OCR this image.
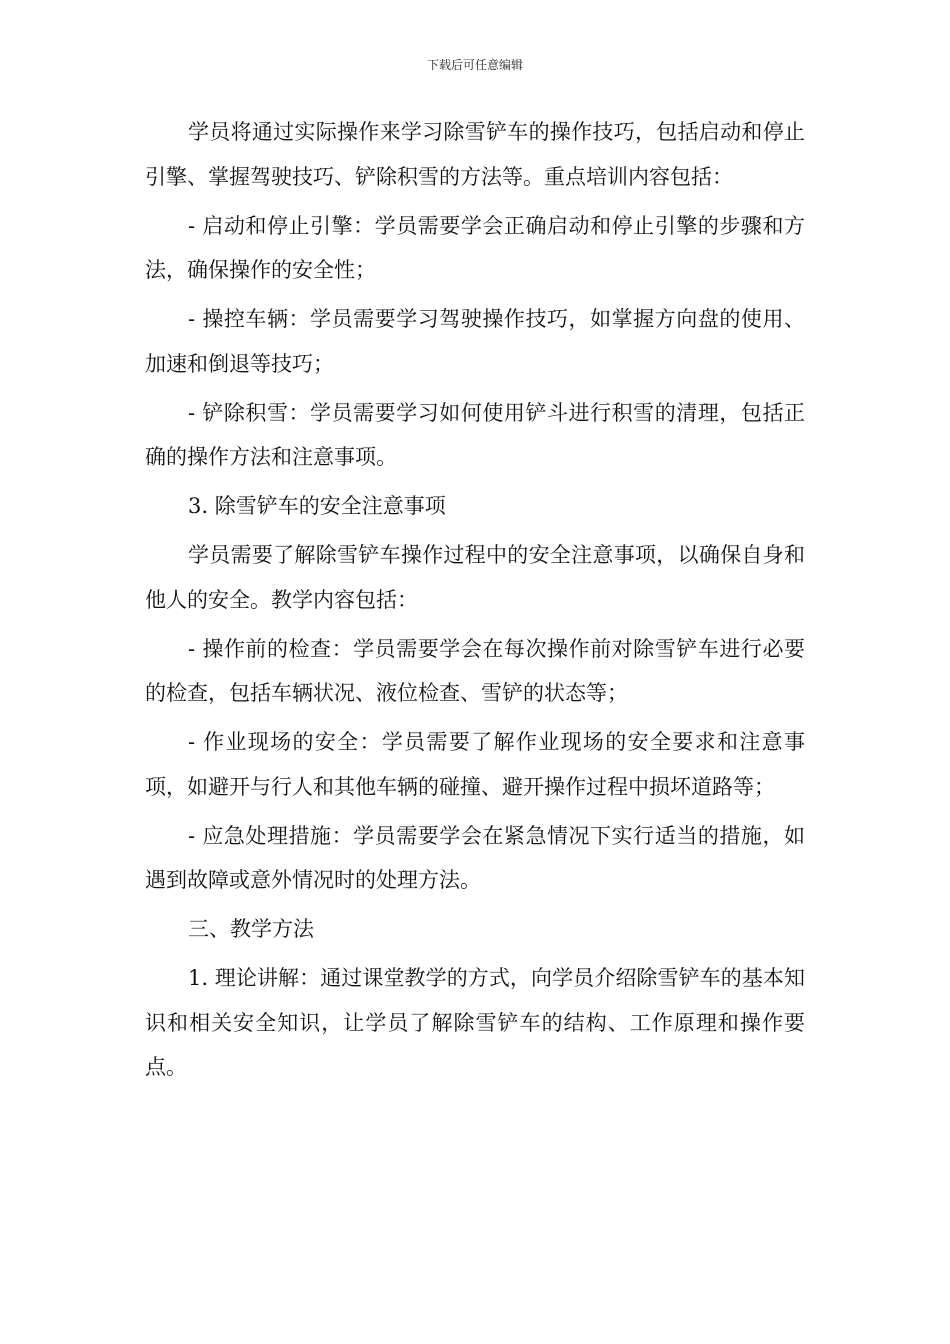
下载后可任意编辑

学员将通过实际操作来学习除雪铲车的操作技巧，包括启动和停止引擎、掌握驾驶技巧、铲除积雪的方法等。重点培训内容包括：

- 启动和停止引擎：学员需要学会正确启动和停止引擎的步骤和方法，确保操作的安全性；

- 操控车辆：学员需要学习驾驶操作技巧，如掌握方向盘的使用、加速和倒退等技巧；

- 铲除积雪：学员需要学习如何使用铲斗进行积雪的清理，包括正确的操作方法和注意事项。

3. 除雪铲车的安全注意事项

学员需要了解除雪铲车操作过程中的安全注意事项，以确保自身和他人的安全。教学内容包括：

- 操作前的检查：学员需要学会在每次操作前对除雪铲车进行必要的检查，包括车辆状况、液位检查、雪铲的状态等；

- 作业现场的安全：学员需要了解作业现场的安全要求和注意事项，如避开与行人和其他车辆的碰撞、避开操作过程中损坏道路等；

- 应急处理措施：学员需要学会在紧急情况下实行适当的措施，如遇到故障或意外情况时的处理方法。

三、教学方法

1. 理论讲解：通过课堂教学的方式，向学员介绍除雪铲车的基本知识和相关安全知识，让学员了解除雪铲车的结构、工作原理和操作要点。
